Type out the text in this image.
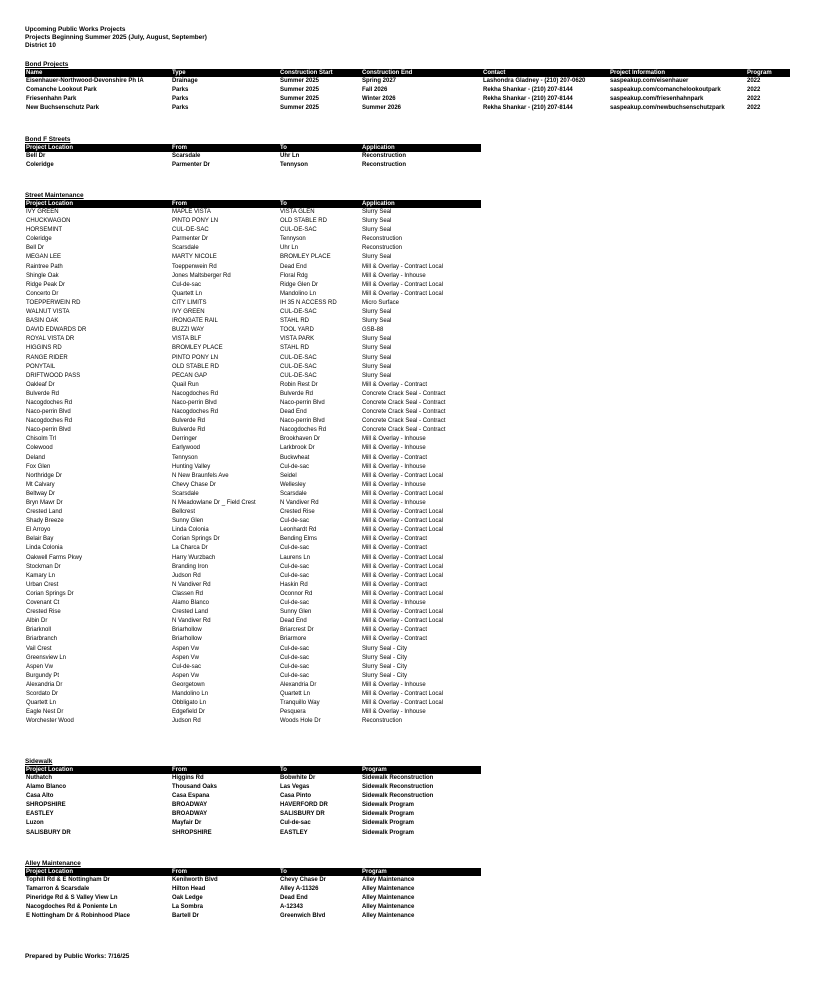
Upcoming Public Works Projects
Projects Beginning Summer 2025 (July, August, September)
District 10
Bond Projects
Name	Type	Construction Start	Construction End	Contact	Project Information	Program
Eisenhauer-Northwood-Devonshire Ph IA	Drainage	Summer 2025	Spring 2027	Lashondra Gladney - (210) 207-0620	saspeakup.com/eisenhauer	2022
Comanche Lookout Park	Parks	Summer 2025	Fall 2026	Rekha Shankar - (210) 207-8144	saspeakup.com/comanchelookoutpark	2022
Friesenhahn Park	Parks	Summer 2025	Winter 2026	Rekha Shankar - (210) 207-8144	saspeakup.com/friesenhahnpark	2022
New Buchsenschutz Park	Parks	Summer 2025	Summer 2026	Rekha Shankar - (210) 207-8144	saspeakup.com/newbuchsenschutzpark	2022
Bond F Streets
Project Location	From	To	Application
Bell Dr	Scarsdale	Uhr Ln	Reconstruction
Coleridge	Parmenter Dr	Tennyson	Reconstruction
Street Maintenance
Project Location	From	To	Application
IVY GREEN	MAPLE VISTA	VISTA GLEN	Slurry Seal
CHUCKWAGON	PINTO PONY LN	OLD STABLE RD	Slurry Seal
HORSEMINT	CUL-DE-SAC	CUL-DE-SAC	Slurry Seal
Coleridge	Parmenter Dr	Tennyson	Reconstruction
Bell Dr	Scarsdale	Uhr Ln	Reconstruction
MEGAN LEE	MARTY NICOLE	BROMLEY PLACE	Slurry Seal
Raintree Path	Toeppenwein Rd	Dead End	Mill & Overlay - Contract Local
Shingle Oak	Jones Maltsberger Rd	Floral Rdg	Mill & Overlay - Inhouse
Ridge Peak Dr	Cul-de-sac	Ridge Glen Dr	Mill & Overlay - Contract Local
Concerto Dr	Quartett Ln	Mandolino Ln	Mill & Overlay - Contract Local
TOEPPERWEIN RD	CITY LIMITS	IH 35 N ACCESS RD	Micro Surface
WALNUT VISTA	IVY GREEN	CUL-DE-SAC	Slurry Seal
BASIN OAK	IRONGATE RAIL	STAHL RD	Slurry Seal
DAVID EDWARDS DR	BUZZI WAY	TOOL YARD	GSB-88
ROYAL VISTA DR	VISTA BLF	VISTA PARK	Slurry Seal
HIGGINS RD	BROMLEY PLACE	STAHL RD	Slurry Seal
RANGE RIDER	PINTO PONY LN	CUL-DE-SAC	Slurry Seal
PONYTAIL	OLD STABLE RD	CUL-DE-SAC	Slurry Seal
DRIFTWOOD PASS	PECAN GAP	CUL-DE-SAC	Slurry Seal
Oakleaf Dr	Quail Run	Robin Rest Dr	Mill & Overlay - Contract
Bulverde Rd	Nacogdoches Rd	Bulverde Rd	Concrete Crack Seal - Contract
Nacogdoches Rd	Naco-perrin Blvd	Naco-perrin Blvd	Concrete Crack Seal - Contract
Naco-perrin Blvd	Nacogdoches Rd	Dead End	Concrete Crack Seal - Contract
Nacogdoches Rd	Bulverde Rd	Naco-perrin Blvd	Concrete Crack Seal - Contract
Naco-perrin Blvd	Bulverde Rd	Nacogdoches Rd	Concrete Crack Seal - Contract
Chisolm Trl	Derringer	Brookhaven Dr	Mill & Overlay - Inhouse
Colewood	Earlywood	Larkbrook Dr	Mill & Overlay - Inhouse
Deland	Tennyson	Buckwheat	Mill & Overlay - Contract
Fox Glen	Hunting Valley	Cul-de-sac	Mill & Overlay - Inhouse
Northridge Dr	N New Braunfels Ave	Seidel	Mill & Overlay - Contract Local
Mt Calvary	Chevy Chase Dr	Wellesley	Mill & Overlay - Inhouse
Beltway Dr	Scarsdale	Scarsdale	Mill & Overlay - Contract Local
Bryn Mawr Dr	N Meadowlane Dr _ Field Crest	N Vandiver Rd	Mill & Overlay - Inhouse
Crested Land	Bellcrest	Crested Rise	Mill & Overlay - Contract Local
Shady Breeze	Sunny Glen	Cul-de-sac	Mill & Overlay - Contract Local
El Arroyo	Linda Colonia	Leonhardt Rd	Mill & Overlay - Contract Local
Belair Bay	Corian Springs Dr	Bending Elms	Mill & Overlay - Contract
Linda Colonia	La Charca Dr	Cul-de-sac	Mill & Overlay - Contract
Oakwell Farms Pkwy	Harry Wurzbach	Laurens Ln	Mill & Overlay - Contract Local
Stockman Dr	Branding Iron	Cul-de-sac	Mill & Overlay - Contract Local
Kamary Ln	Judson Rd	Cul-de-sac	Mill & Overlay - Contract Local
Urban Crest	N Vandiver Rd	Haskin Rd	Mill & Overlay - Contract
Corian Springs Dr	Classen Rd	Oconnor Rd	Mill & Overlay - Contract Local
Covenant Ct	Alamo Blanco	Cul-de-sac	Mill & Overlay - Inhouse
Crested Rise	Crested Land	Sunny Glen	Mill & Overlay - Contract Local
Albin Dr	N Vandiver Rd	Dead End	Mill & Overlay - Contract Local
Briarknoll	Briarhollow	Briarcrest Dr	Mill & Overlay - Contract
Briarbranch	Briarhollow	Briarmore	Mill & Overlay - Contract
Vail Crest	Aspen Vw	Cul-de-sac	Slurry Seal - City
Greensview Ln	Aspen Vw	Cul-de-sac	Slurry Seal - City
Aspen Vw	Cul-de-sac	Cul-de-sac	Slurry Seal - City
Burgundy Pt	Aspen Vw	Cul-de-sac	Slurry Seal - City
Alexandria Dr	Georgetown	Alexandria Dr	Mill & Overlay - Inhouse
Scordato Dr	Mandolino Ln	Quartett Ln	Mill & Overlay - Contract Local
Quartett Ln	Obbligato Ln	Tranquillo Way	Mill & Overlay - Contract Local
Eagle Nest Dr	Edgefield Dr	Pesquera	Mill & Overlay - Inhouse
Worchester Wood	Judson Rd	Woods Hole Dr	Reconstruction
Sidewalk
Project Location	From	To	Program
Nuthatch	Higgins Rd	Bobwhite Dr	Sidewalk Reconstruction
Alamo Blanco	Thousand Oaks	Las Vegas	Sidewalk Reconstruction
Casa Alto	Casa Espana	Casa Pinto	Sidewalk Reconstruction
SHROPSHIRE	BROADWAY	HAVERFORD DR	Sidewalk Program
EASTLEY	BROADWAY	SALISBURY DR	Sidewalk Program
Luzon	Mayfair Dr	Cul-de-sac	Sidewalk Program
SALISBURY DR	SHROPSHIRE	EASTLEY	Sidewalk Program
Alley Maintenance
Project Location	From	To	Program
Tophill Rd & E Nottingham Dr	Kenilworth Blvd	Chevy Chase Dr	Alley Maintenance
Tamarron & Scarsdale	Hilton Head	Alley A-11326	Alley Maintenance
Pineridge Rd & S Valley View Ln	Oak Ledge	Dead End	Alley Maintenance
Nacogdoches Rd & Poniente Ln	La Sombra	A-12343	Alley Maintenance
E Nottingham Dr & Robinhood Place	Bartell Dr	Greenwich Blvd	Alley Maintenance
Prepared by Public Works: 7/16/25
